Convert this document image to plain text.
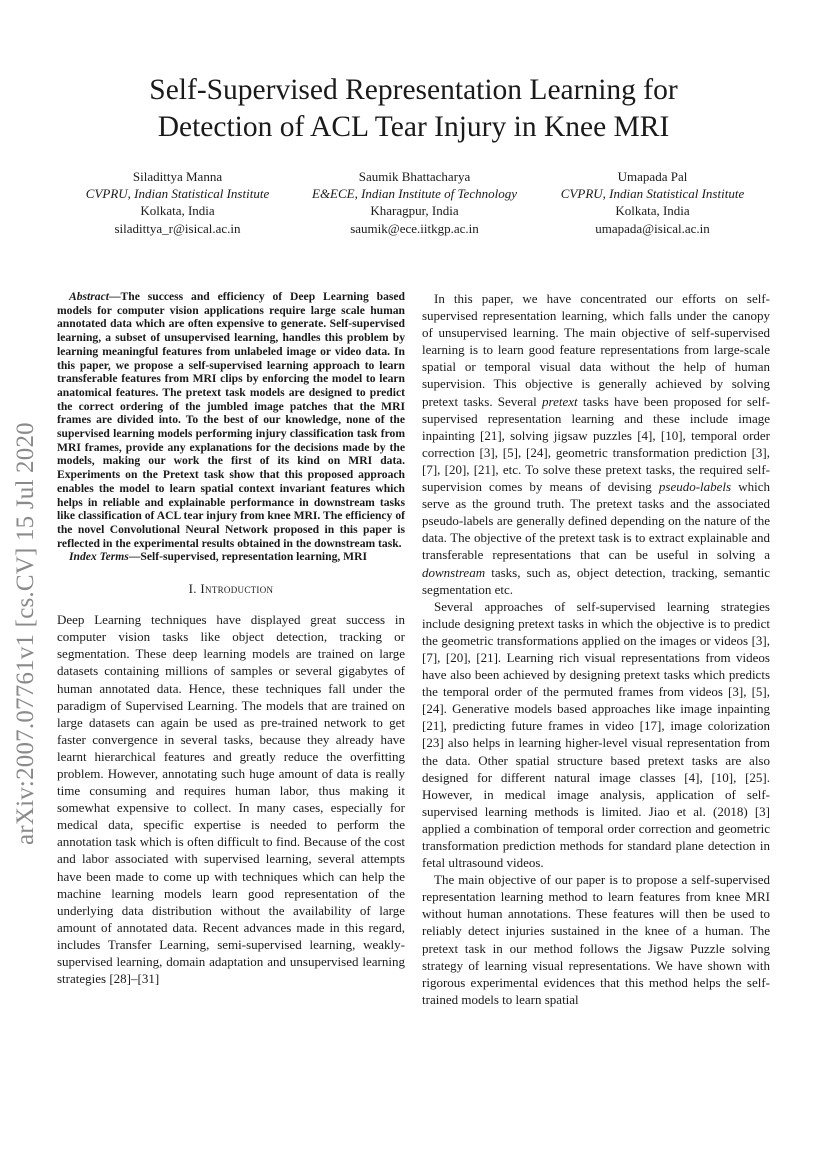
Self-Supervised Representation Learning for
Detection of ACL Tear Injury in Knee MRI
Siladittya Manna
CVPRU, Indian Statistical Institute
Kolkata, India
siladittya_r@isical.ac.in
Saumik Bhattacharya
E&ECE, Indian Institute of Technology
Kharagpur, India
saumik@ece.iitkgp.ac.in
Umapada Pal
CVPRU, Indian Statistical Institute
Kolkata, India
umapada@isical.ac.in
arXiv:2007.07761v1 [cs.CV] 15 Jul 2020

Abstract—The success and efficiency of Deep Learning based models for computer vision applications require large scale human annotated data which are often expensive to generate. Self-supervised learning, a subset of unsupervised learning, handles this problem by learning meaningful features from unlabeled image or video data. In this paper, we propose a self-supervised learning approach to learn transferable features from MRI clips by enforcing the model to learn anatomical features. The pretext task models are designed to predict the correct ordering of the jumbled image patches that the MRI frames are divided into. To the best of our knowledge, none of the supervised learning models performing injury classification task from MRI frames, provide any explanations for the decisions made by the models, making our work the first of its kind on MRI data. Experiments on the Pretext task show that this proposed approach enables the model to learn spatial context invariant features which helps in reliable and explainable performance in downstream tasks like classification of ACL tear injury from knee MRI. The efficiency of the novel Convolutional Neural Network proposed in this paper is reflected in the experimental results obtained in the downstream task.

Index Terms—Self-supervised, representation learning, MRI

I. Introduction

Deep Learning techniques have displayed great success in computer vision tasks like object detection, tracking or segmentation. These deep learning models are trained on large datasets containing millions of samples or several gigabytes of human annotated data. Hence, these techniques fall under the paradigm of Supervised Learning. The models that are trained on large datasets can again be used as pre-trained network to get faster convergence in several tasks, because they already have learnt hierarchical features and greatly reduce the overfitting problem. However, annotating such huge amount of data is really time consuming and requires human labor, thus making it somewhat expensive to collect. In many cases, especially for medical data, specific expertise is needed to perform the annotation task which is often difficult to find. Because of the cost and labor associated with supervised learning, several attempts have been made to come up with techniques which can help the machine learning models learn good representation of the underlying data distribution without the availability of large amount of annotated data. Recent advances made in this regard, includes Transfer Learning, semi-supervised learning, weakly-supervised learning, domain adaptation and unsupervised learning strategies [28]–[31]

In this paper, we have concentrated our efforts on self-supervised representation learning, which falls under the canopy of unsupervised learning. The main objective of self-supervised learning is to learn good feature representations from large-scale spatial or temporal visual data without the help of human supervision. This objective is generally achieved by solving pretext tasks. Several pretext tasks have been proposed for self-supervised representation learning and these include image inpainting [21], solving jigsaw puzzles [4], [10], temporal order correction [3], [5], [24], geometric transformation prediction [3], [7], [20], [21], etc. To solve these pretext tasks, the required self-supervision comes by means of devising pseudo-labels which serve as the ground truth. The pretext tasks and the associated pseudo-labels are generally defined depending on the nature of the data. The objective of the pretext task is to extract explainable and transferable representations that can be useful in solving a downstream tasks, such as, object detection, tracking, semantic segmentation etc.

Several approaches of self-supervised learning strategies include designing pretext tasks in which the objective is to predict the geometric transformations applied on the images or videos [3], [7], [20], [21]. Learning rich visual representations from videos have also been achieved by designing pretext tasks which predicts the temporal order of the permuted frames from videos [3], [5], [24]. Generative models based approaches like image inpainting [21], predicting future frames in video [17], image colorization [23] also helps in learning higher-level visual representation from the data. Other spatial structure based pretext tasks are also designed for different natural image classes [4], [10], [25]. However, in medical image analysis, application of self-supervised learning methods is limited. Jiao et al. (2018) [3] applied a combination of temporal order correction and geometric transformation prediction methods for standard plane detection in fetal ultrasound videos.

The main objective of our paper is to propose a self-supervised representation learning method to learn features from knee MRI without human annotations. These features will then be used to reliably detect injuries sustained in the knee of a human. The pretext task in our method follows the Jigsaw Puzzle solving strategy of learning visual representations. We have shown with rigorous experimental evidences that this method helps the self-trained models to learn spatial
